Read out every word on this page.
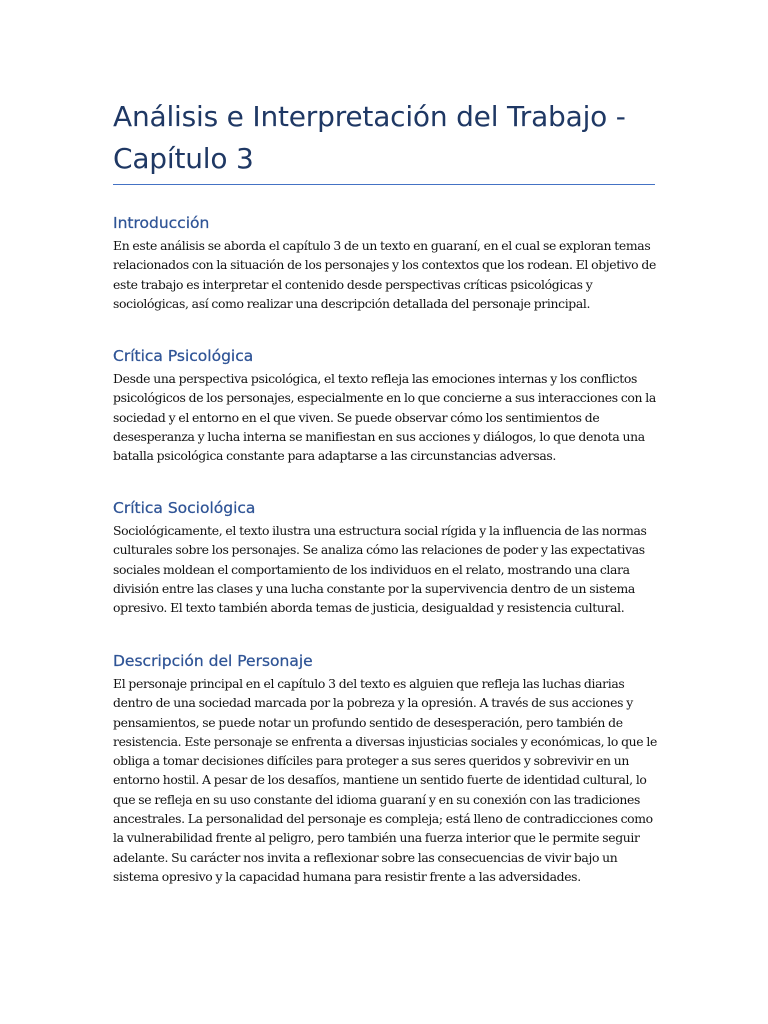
Análisis e Interpretación del Trabajo - Capítulo 3
Introducción

En este análisis se aborda el capítulo 3 de un texto en guaraní, en el cual se exploran temas relacionados con la situación de los personajes y los contextos que los rodean. El objetivo de este trabajo es interpretar el contenido desde perspectivas críticas psicológicas y sociológicas, así como realizar una descripción detallada del personaje principal.

Crítica Psicológica

Desde una perspectiva psicológica, el texto refleja las emociones internas y los conflictos psicológicos de los personajes, especialmente en lo que concierne a sus interacciones con la sociedad y el entorno en el que viven. Se puede observar cómo los sentimientos de desesperanza y lucha interna se manifiestan en sus acciones y diálogos, lo que denota una batalla psicológica constante para adaptarse a las circunstancias adversas.

Crítica Sociológica

Sociológicamente, el texto ilustra una estructura social rígida y la influencia de las normas culturales sobre los personajes. Se analiza cómo las relaciones de poder y las expectativas sociales moldean el comportamiento de los individuos en el relato, mostrando una clara división entre las clases y una lucha constante por la supervivencia dentro de un sistema opresivo. El texto también aborda temas de justicia, desigualdad y resistencia cultural.

Descripción del Personaje

El personaje principal en el capítulo 3 del texto es alguien que refleja las luchas diarias dentro de una sociedad marcada por la pobreza y la opresión. A través de sus acciones y pensamientos, se puede notar un profundo sentido de desesperación, pero también de resistencia. Este personaje se enfrenta a diversas injusticias sociales y económicas, lo que le obliga a tomar decisiones difíciles para proteger a sus seres queridos y sobrevivir en un entorno hostil. A pesar de los desafíos, mantiene un sentido fuerte de identidad cultural, lo que se refleja en su uso constante del idioma guaraní y en su conexión con las tradiciones ancestrales. La personalidad del personaje es compleja; está lleno de contradicciones como la vulnerabilidad frente al peligro, pero también una fuerza interior que le permite seguir adelante. Su carácter nos invita a reflexionar sobre las consecuencias de vivir bajo un sistema opresivo y la capacidad humana para resistir frente a las adversidades.
